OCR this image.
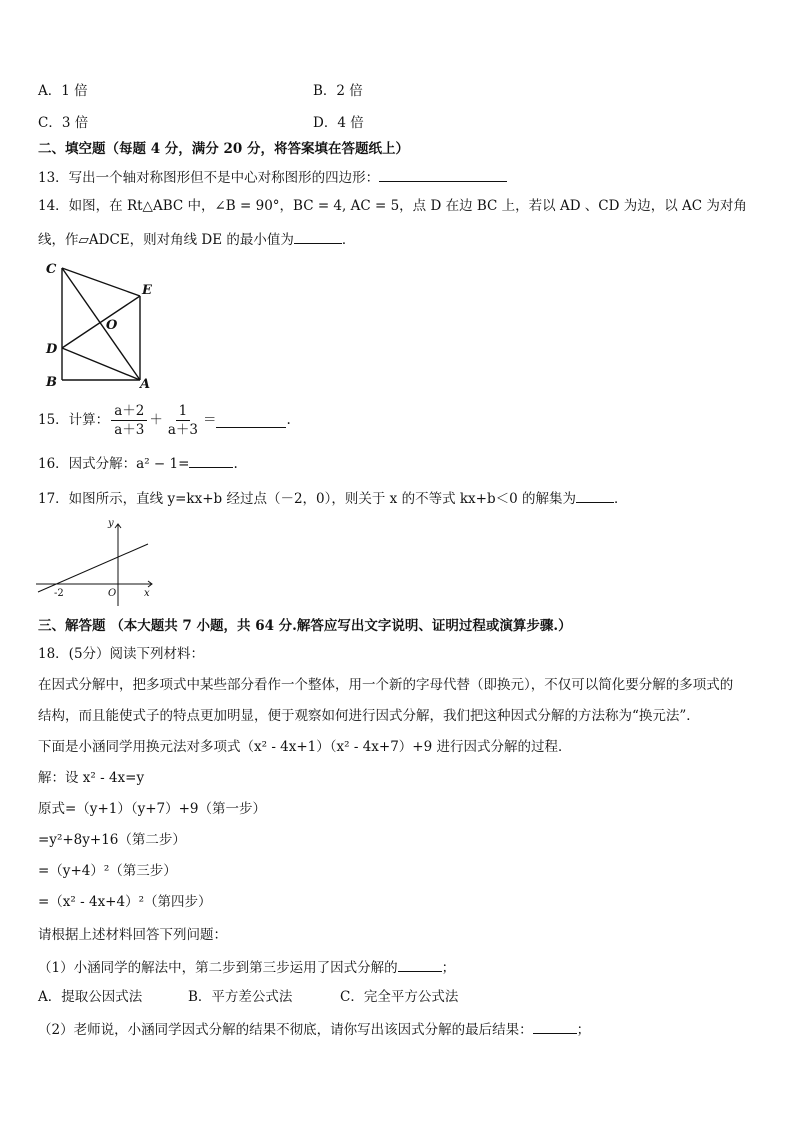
A．1 倍	B．2 倍
C．3 倍	D．4 倍
二、填空题（每题 4 分，满分 20 分，将答案填在答题纸上）
13．写出一个轴对称图形但不是中心对称图形的四边形：
14．如图，在 Rt△ABC 中，∠B = 90°，BC = 4, AC = 5，点 D 在边 BC 上，若以 AD 、CD 为边，以 AC 为对角
线，作▱ADCE，则对角线 DE 的最小值为	．
C
E
O
D
B	A
15．计算： $\frac{a+2}{a+3} + \frac{1}{a+3}$ ＝	.
16．因式分解：a² − 1=	.
17．如图所示，直线 y=kx+b 经过点（－2，0），则关于 x 的不等式 kx+b＜0 的解集为	．
y
x
O
-2
三、解答题 （本大题共 7 小题，共 64 分.解答应写出文字说明、证明过程或演算步骤.）
18．(5分）阅读下列材料：
在因式分解中，把多项式中某些部分看作一个整体，用一个新的字母代替（即换元），不仅可以简化要分解的多项式的
结构，而且能使式子的特点更加明显，便于观察如何进行因式分解，我们把这种因式分解的方法称为“换元法”．
下面是小涵同学用换元法对多项式（x² - 4x+1）（x² - 4x+7）+9 进行因式分解的过程．
解：设 x² - 4x=y
原式=（y+1）（y+7）+9（第一步）
=y²+8y+16（第二步）
=（y+4）²（第三步）
=（x² - 4x+4）²（第四步）
请根据上述材料回答下列问题：
（1）小涵同学的解法中，第二步到第三步运用了因式分解的	；
A．提取公因式法	B．平方差公式法	C．完全平方公式法
（2）老师说，小涵同学因式分解的结果不彻底，请你写出该因式分解的最后结果：	；
